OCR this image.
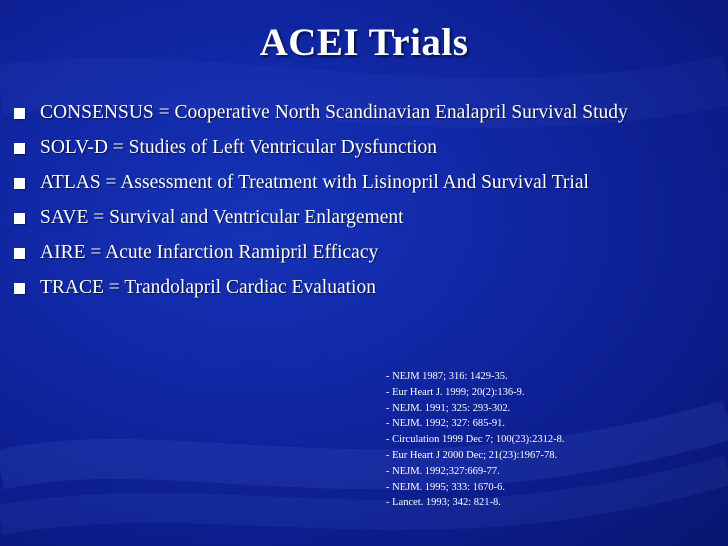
ACEI Trials
CONSENSUS = Cooperative North Scandinavian Enalapril Survival Study
SOLV-D = Studies of Left Ventricular Dysfunction
ATLAS = Assessment of Treatment with Lisinopril And Survival Trial
SAVE = Survival and Ventricular Enlargement
AIRE = Acute Infarction Ramipril Efficacy
TRACE = Trandolapril Cardiac Evaluation
- NEJM 1987; 316: 1429-35.
- Eur Heart J. 1999; 20(2):136-9.
- NEJM. 1991; 325: 293-302.
- NEJM. 1992; 327: 685-91.
- Circulation 1999 Dec 7; 100(23):2312-8.
- Eur Heart J 2000 Dec; 21(23):1967-78.
- NEJM. 1992;327:669-77.
- NEJM. 1995; 333: 1670-6.
- Lancet. 1993; 342: 821-8.
